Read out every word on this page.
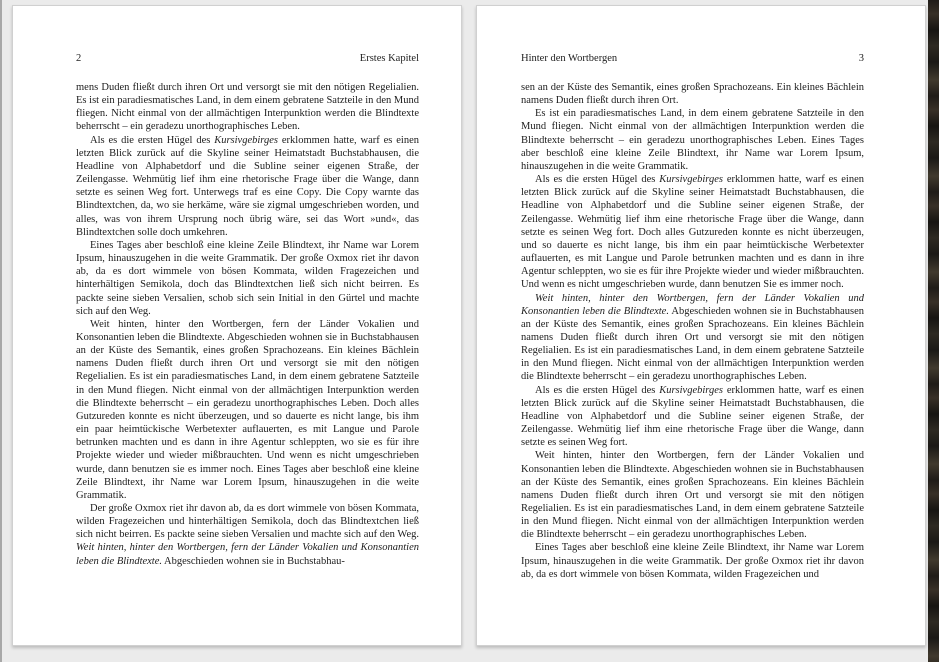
2	Erstes Kapitel

mens Duden fließt durch ihren Ort und versorgt sie mit den nötigen Regelialien. Es ist ein paradiesmatisches Land, in dem einem gebratene Satzteile in den Mund fliegen. Nicht einmal von der allmächtigen Interpunktion werden die Blindtexte beherrscht – ein geradezu unorthographisches Leben.

Als es die ersten Hügel des Kursivgebirges erklommen hatte, warf es einen letzten Blick zurück auf die Skyline seiner Heimatstadt Buchstabhausen, die Headline von Alphabetdorf und die Subline seiner eigenen Straße, der Zeilengasse. Wehmütig lief ihm eine rhetorische Frage über die Wange, dann setzte es seinen Weg fort. Unterwegs traf es eine Copy. Die Copy warnte das Blindtextchen, da, wo sie herkäme, wäre sie zigmal umgeschrieben worden, und alles, was von ihrem Ursprung noch übrig wäre, sei das Wort »und«, das Blindtextchen solle doch umkehren.

Eines Tages aber beschloß eine kleine Zeile Blindtext, ihr Name war Lorem Ipsum, hinauszugehen in die weite Grammatik. Der große Oxmox riet ihr davon ab, da es dort wimmele von bösen Kommata, wilden Fragezeichen und hinterhältigen Semikola, doch das Blindtextchen ließ sich nicht beirren. Es packte seine sieben Versalien, schob sich sein Initial in den Gürtel und machte sich auf den Weg.

Weit hinten, hinter den Wortbergen, fern der Länder Vokalien und Konsonantien leben die Blindtexte. Abgeschieden wohnen sie in Buchstabhausen an der Küste des Semantik, eines großen Sprachozeans. Ein kleines Bächlein namens Duden fließt durch ihren Ort und versorgt sie mit den nötigen Regelialien. Es ist ein paradiesmatisches Land, in dem einem gebratene Satzteile in den Mund fliegen. Nicht einmal von der allmächtigen Interpunktion werden die Blindtexte beherrscht – ein geradezu unorthographisches Leben. Doch alles Gutzureden konnte es nicht überzeugen, und so dauerte es nicht lange, bis ihm ein paar heimtückische Werbetexter auflauerten, es mit Langue und Parole betrunken machten und es dann in ihre Agentur schleppten, wo sie es für ihre Projekte wieder und wieder mißbrauchten. Und wenn es nicht umgeschrieben wurde, dann benutzen sie es immer noch. Eines Tages aber beschloß eine kleine Zeile Blindtext, ihr Name war Lorem Ipsum, hinauszugehen in die weite Grammatik.

Der große Oxmox riet ihr davon ab, da es dort wimmele von bösen Kommata, wilden Fragezeichen und hinterhältigen Semikola, doch das Blindtextchen ließ sich nicht beirren. Es packte seine sieben Versalien und machte sich auf den Weg. Weit hinten, hinter den Wortbergen, fern der Länder Vokalien und Konsonantien leben die Blindtexte. Abgeschieden wohnen sie in Buchstabhau-

Hinter den Wortbergen	3

sen an der Küste des Semantik, eines großen Sprachozeans. Ein kleines Bächlein namens Duden fließt durch ihren Ort.

Es ist ein paradiesmatisches Land, in dem einem gebratene Satzteile in den Mund fliegen. Nicht einmal von der allmächtigen Interpunktion werden die Blindtexte beherrscht – ein geradezu unorthographisches Leben. Eines Tages aber beschloß eine kleine Zeile Blindtext, ihr Name war Lorem Ipsum, hinauszugehen in die weite Grammatik.

Als es die ersten Hügel des Kursivgebirges erklommen hatte, warf es einen letzten Blick zurück auf die Skyline seiner Heimatstadt Buchstabhausen, die Headline von Alphabetdorf und die Subline seiner eigenen Straße, der Zeilengasse. Wehmütig lief ihm eine rhetorische Frage über die Wange, dann setzte es seinen Weg fort. Doch alles Gutzureden konnte es nicht überzeugen, und so dauerte es nicht lange, bis ihm ein paar heimtückische Werbetexter auflauerten, es mit Langue und Parole betrunken machten und es dann in ihre Agentur schleppten, wo sie es für ihre Projekte wieder und wieder mißbrauchten. Und wenn es nicht umgeschrieben wurde, dann benutzen Sie es immer noch.

Weit hinten, hinter den Wortbergen, fern der Länder Vokalien und Konsonantien leben die Blindtexte. Abgeschieden wohnen sie in Buchstabhausen an der Küste des Semantik, eines großen Sprachozeans. Ein kleines Bächlein namens Duden fließt durch ihren Ort und versorgt sie mit den nötigen Regelialien. Es ist ein paradiesmatisches Land, in dem einem gebratene Satzteile in den Mund fliegen. Nicht einmal von der allmächtigen Interpunktion werden die Blindtexte beherrscht – ein geradezu unorthographisches Leben.

Als es die ersten Hügel des Kursivgebirges erklommen hatte, warf es einen letzten Blick zurück auf die Skyline seiner Heimatstadt Buchstabhausen, die Headline von Alphabetdorf und die Subline seiner eigenen Straße, der Zeilengasse. Wehmütig lief ihm eine rhetorische Frage über die Wange, dann setzte es seinen Weg fort.

Weit hinten, hinter den Wortbergen, fern der Länder Vokalien und Konsonantien leben die Blindtexte. Abgeschieden wohnen sie in Buchstabhausen an der Küste des Semantik, eines großen Sprachozeans. Ein kleines Bächlein namens Duden fließt durch ihren Ort und versorgt sie mit den nötigen Regelialien. Es ist ein paradiesmatisches Land, in dem einem gebratene Satzteile in den Mund fliegen. Nicht einmal von der allmächtigen Interpunktion werden die Blindtexte beherrscht – ein geradezu unorthographisches Leben.

Eines Tages aber beschloß eine kleine Zeile Blindtext, ihr Name war Lorem Ipsum, hinauszugehen in die weite Grammatik. Der große Oxmox riet ihr davon ab, da es dort wimmele von bösen Kommata, wilden Fragezeichen und
